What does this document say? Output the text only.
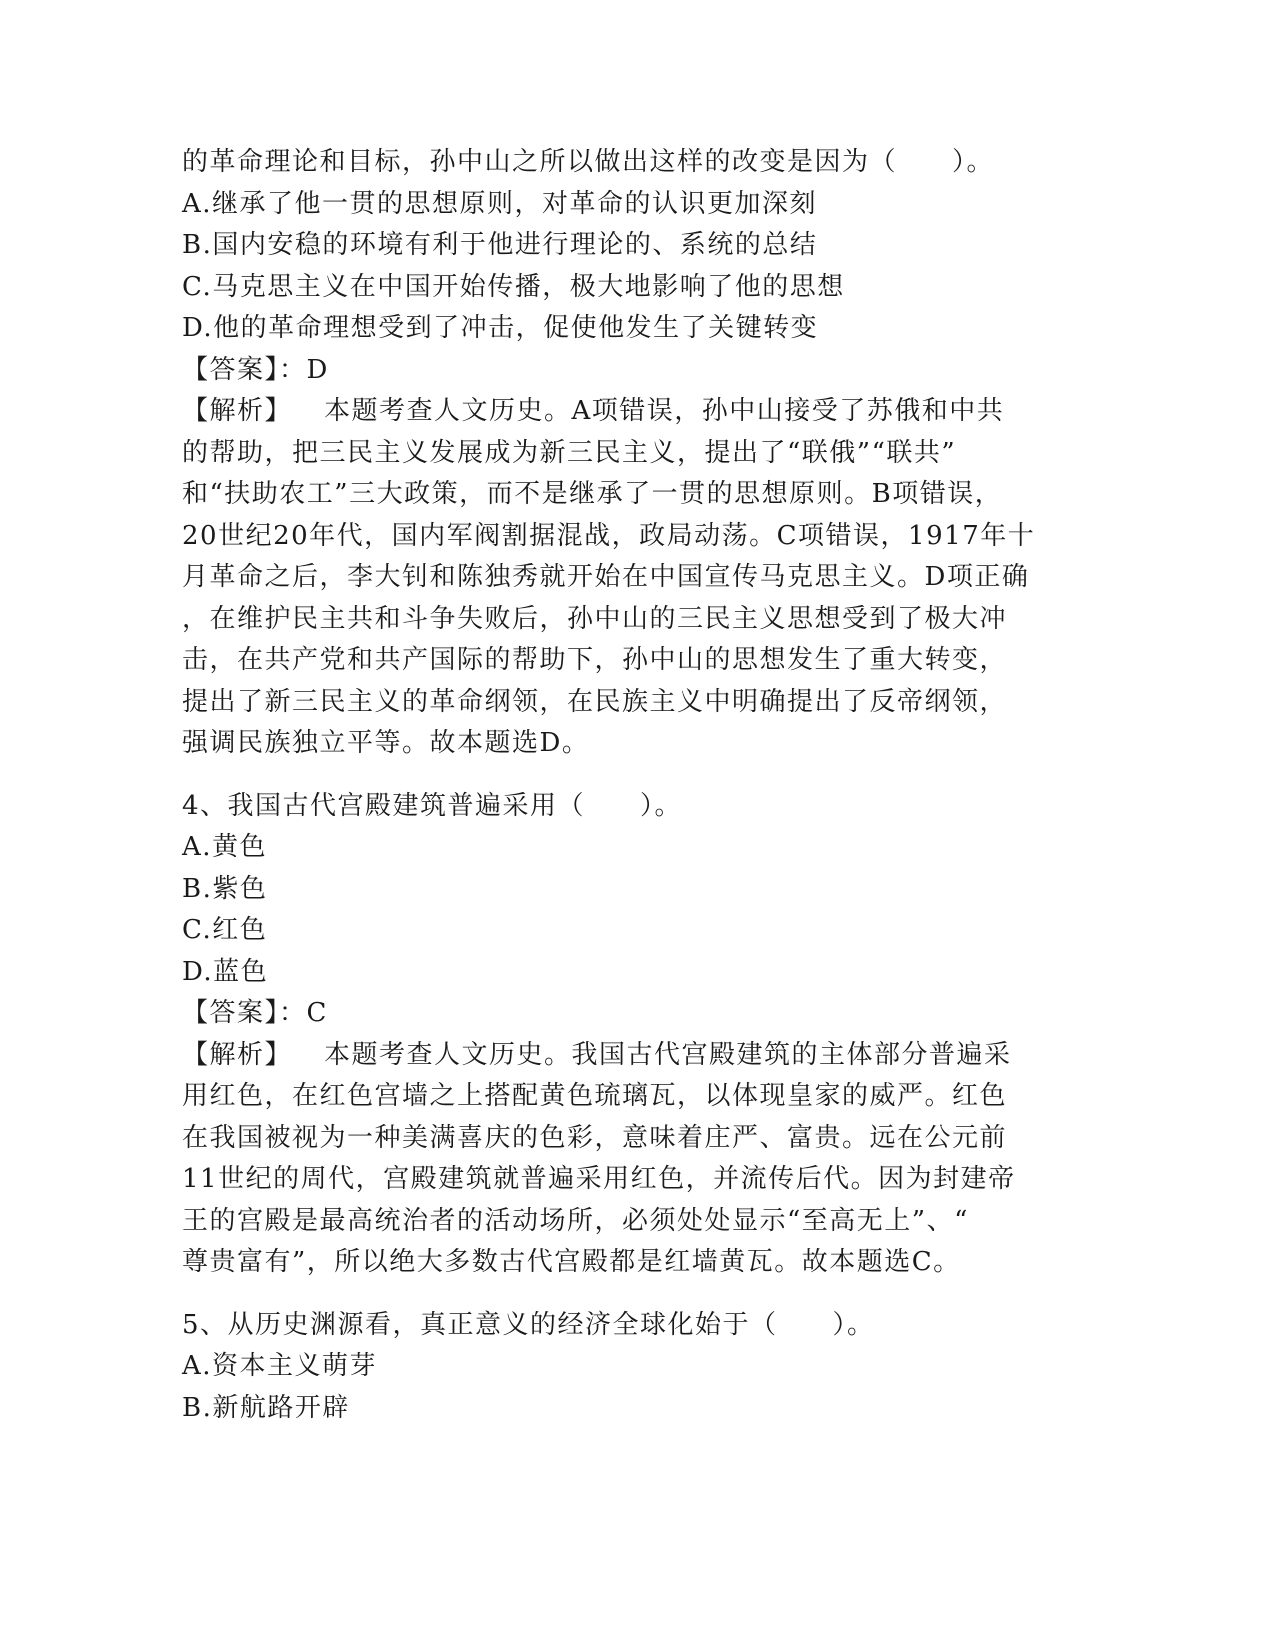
的革命理论和目标，孙中山之所以做出这样的改变是因为（　　）。
A.继承了他一贯的思想原则，对革命的认识更加深刻
B.国内安稳的环境有利于他进行理论的、系统的总结
C.马克思主义在中国开始传播，极大地影响了他的思想
D.他的革命理想受到了冲击，促使他发生了关键转变
【答案】：D
【解析】 本题考查人文历史。A项错误，孙中山接受了苏俄和中共
的帮助，把三民主义发展成为新三民主义，提出了“联俄”“联共”
和“扶助农工”三大政策，而不是继承了一贯的思想原则。B项错误，
20世纪20年代，国内军阀割据混战，政局动荡。C项错误，1917年十
月革命之后，李大钊和陈独秀就开始在中国宣传马克思主义。D项正确
，在维护民主共和斗争失败后，孙中山的三民主义思想受到了极大冲
击，在共产党和共产国际的帮助下，孙中山的思想发生了重大转变，
提出了新三民主义的革命纲领，在民族主义中明确提出了反帝纲领，
强调民族独立平等。故本题选D。
4、我国古代宫殿建筑普遍采用（　　）。
A.黄色
B.紫色
C.红色
D.蓝色
【答案】：C
【解析】 本题考查人文历史。我国古代宫殿建筑的主体部分普遍采
用红色，在红色宫墙之上搭配黄色琉璃瓦，以体现皇家的威严。红色
在我国被视为一种美满喜庆的色彩，意味着庄严、富贵。远在公元前
11世纪的周代，宫殿建筑就普遍采用红色，并流传后代。因为封建帝
王的宫殿是最高统治者的活动场所，必须处处显示“至高无上”、“
尊贵富有”，所以绝大多数古代宫殿都是红墙黄瓦。故本题选C。
5、从历史渊源看，真正意义的经济全球化始于（　　）。
A.资本主义萌芽
B.新航路开辟
